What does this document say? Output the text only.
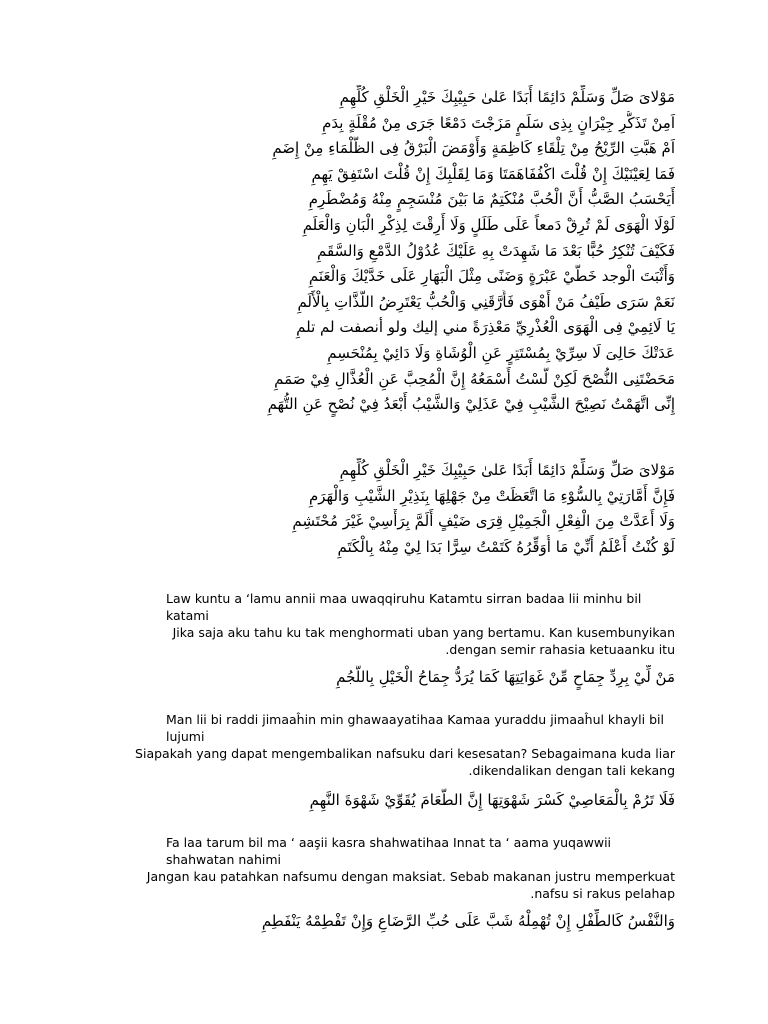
مَوْلاىَ صَلِّ وَسَلِّمْ دَائِمًا أَبَدًا عَلىٰ حَبِيْبِكَ خَيْرِ الْخَلْقِ كُلِّهِمِ
اَمِنْ تَذَكُّرِ جِيْرَانٍ بِذِى سَلَمٍ مَزَجْتَ دَمْعًا جَرَى مِنْ مُقْلَةٍ بِدَمِ
اَمْ هَبَّتِ الرِّيْحُ مِنْ تِلْقَاءِ كَاظِمَةٍ وَأَوْمَضَ الْبَرْقُ فِى الظَّلْمَاءِ مِنْ إِضَمِ
فَمَا لِعَيْنَيْكَ إِنْ قُلْتَ اكْفُفَاهَمَتَا وَمَا لِقَلْبِكَ إِنْ قُلْتَ اسْتَفِقْ يَهِمِ
أَيَحْسَبُ الصَّبُّ أَنَّ الْحُبَّ مُنْكَتِمٌ مَا بَيْنَ مُنْسَجِمٍ مِنْهُ وَمُضْطَرِمِ
لَوْلَا الْهَوَى لَمْ تُرِقْ دَمعاً عَلَى طَلَلٍ وَلَا أَرِقْتَ لِذِكْرِ الْبَانِ وَالْعَلَمِ
فَكَيْفَ تُنْكِرُ حُبًّا بَعْدَ مَا شَهِدَتْ بِهِ عَلَيْكَ عُدُوْلُ الدَّمْعِ وَالسَّقَمِ
وَأَثْبَتَ الْوجد خَطَّيْ عَبْرَةٍ وَضَنًى مِثْلَ الْبَهَارِ عَلَى خَدَّيْكَ وَالْعَنَمِ
نَعَمْ سَرَى طَيْفُ مَنْ أَهْوَى فَأَرَّقَنِي وَالْحُبُّ يَعْتَرِضُ اللَّذَّاتِ بِالْأَلَمِ
يَا لَائِمِيْ فِى الْهَوَى الْعُذْرِيِّ مَعْذِرَةً مني إليك ولو أنصفت لم تلمِ
عَدَتْكَ حَالِىَ لَا سِرِّيْ بِمُسْتَتِرٍ عَنِ الْوُشَاةِ وَلَا دَائِيْ بِمُنْحَسِمِ
مَحَضْتَنِى النُّصْحَ لَكِنْ لَّسْتُ أَسْمَعُهُ إِنَّ الْمُحِبَّ عَنِ الْعُذَّالِ فِيْ صَمَمِ
إِنِّى اتَّهَمْتُ نَصِيْحَ الشَّيْبِ فِيْ عَذَلِيْ وَالشَّيْبُ أَبْعَدُ فِيْ نُصْحٍ عَنِ التُّهَمِ
مَوْلاىَ صَلِّ وَسَلِّمْ دَائِمًا أَبَدًا عَلىٰ حَبِيْبِكَ خَيْرِ الْخَلْقِ كُلِّهِمِ
فَإِنَّ أَمَّارَتِيْ بِالسُّوْءِ مَا اتَّعَظَتْ مِنْ جَهْلِهَا بِنَذِيْرِ الشَّيْبِ وَالْهَرَمِ
وَلَا أَعَدَّتْ مِنَ الْفِعْلِ الْجَمِيْلِ قِرَى ضَيْفٍ أَلَمَّ بِرَأْسِيْ غَيْرَ مُحْتَشِمِ
لَوْ كُنْتُ أَعْلَمُ أَنِّيْ مَا أُوَقِّرُهُ كَتَمْتُ سِرًّا بَدَا لِيْ مِنْهُ بِالْكَتَمِ
Law kuntu a ‘lamu annii maa uwaqqiruhu Katamtu sirran badaa lii minhu bil katami
Jika saja aku tahu ku tak menghormati uban yang bertamu. Kan kusembunyikan dengan semir rahasia ketuaanku itu.
مَنْ لِّيْ بِرِدِّ جِمَاحٍ مِّنْ غَوَايَتِهَا كَمَا يُرَدُّ جِمَاحُ الْخَيْلِ بِاللُّجُمِ
Man lii bi raddi jimaaĥin min ghawaayatihaa Kamaa yuraddu jimaaĥul khayli bil lujumi
Siapakah yang dapat mengembalikan nafsuku dari kesesatan? Sebagaimana kuda liar dikendalikan dengan tali kekang.
فَلَا تَرُمْ بِالْمَعَاصِيْ كَسْرَ شَهْوَتِهَا إِنَّ الطَّعَامَ يُقَوِّيْ شَهْوَةَ النَّهِمِ
Fa laa tarum bil ma ‘ aaşii kasra shahwatihaa Innat ta ‘ aama yuqawwii shahwatan nahimi
Jangan kau patahkan nafsumu dengan maksiat. Sebab makanan justru memperkuat nafsu si rakus pelahap.
وَالنَّفْسُ كَالطِّفْلِ إِنْ تُهْمِلْهُ شَبَّ عَلَى حُبِّ الرَّضَاعِ وَإِنْ تَفْطِمْهُ يَنْفَطِمِ
